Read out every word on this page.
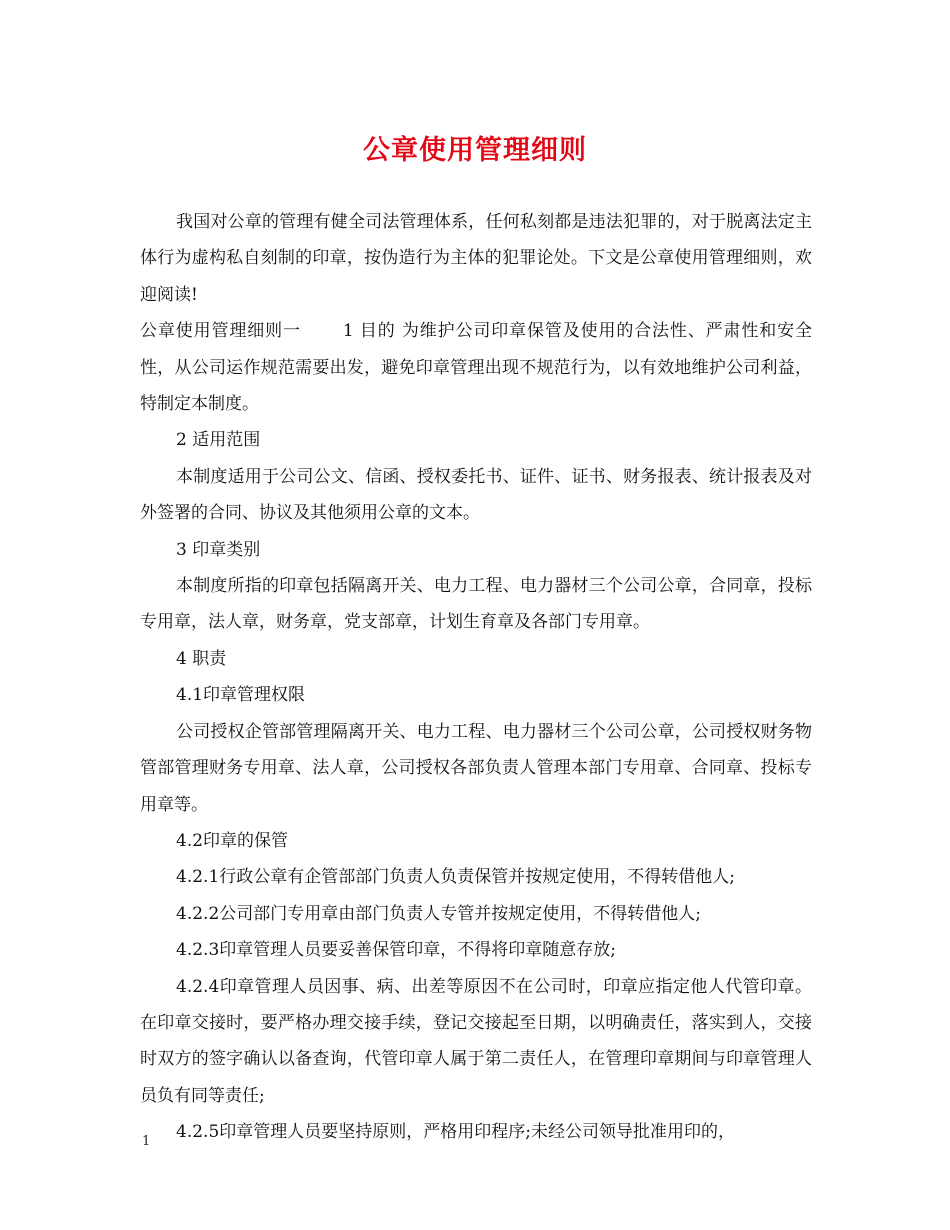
公章使用管理细则

我国对公章的管理有健全司法管理体系，任何私刻都是违法犯罪的，对于脱离法定主体行为虚构私自刻制的印章，按伪造行为主体的犯罪论处。下文是公章使用管理细则，欢迎阅读!

公章使用管理细则一 1 目的 为维护公司印章保管及使用的合法性、严肃性和安全性，从公司运作规范需要出发，避免印章管理出现不规范行为，以有效地维护公司利益，特制定本制度。

2 适用范围

本制度适用于公司公文、信函、授权委托书、证件、证书、财务报表、统计报表及对外签署的合同、协议及其他须用公章的文本。

3 印章类别

本制度所指的印章包括隔离开关、电力工程、电力器材三个公司公章，合同章，投标专用章，法人章，财务章，党支部章，计划生育章及各部门专用章。

4 职责

4.1印章管理权限

公司授权企管部管理隔离开关、电力工程、电力器材三个公司公章，公司授权财务物管部管理财务专用章、法人章，公司授权各部负责人管理本部门专用章、合同章、投标专用章等。

4.2印章的保管

4.2.1行政公章有企管部部门负责人负责保管并按规定使用，不得转借他人;

4.2.2公司部门专用章由部门负责人专管并按规定使用，不得转借他人;

4.2.3印章管理人员要妥善保管印章，不得将印章随意存放;

4.2.4印章管理人员因事、病、出差等原因不在公司时，印章应指定他人代管印章。在印章交接时，要严格办理交接手续，登记交接起至日期，以明确责任，落实到人，交接时双方的签字确认以备查询，代管印章人属于第二责任人，在管理印章期间与印章管理人员负有同等责任;

4.2.5印章管理人员要坚持原则，严格用印程序;未经公司领导批准用印的，

1
